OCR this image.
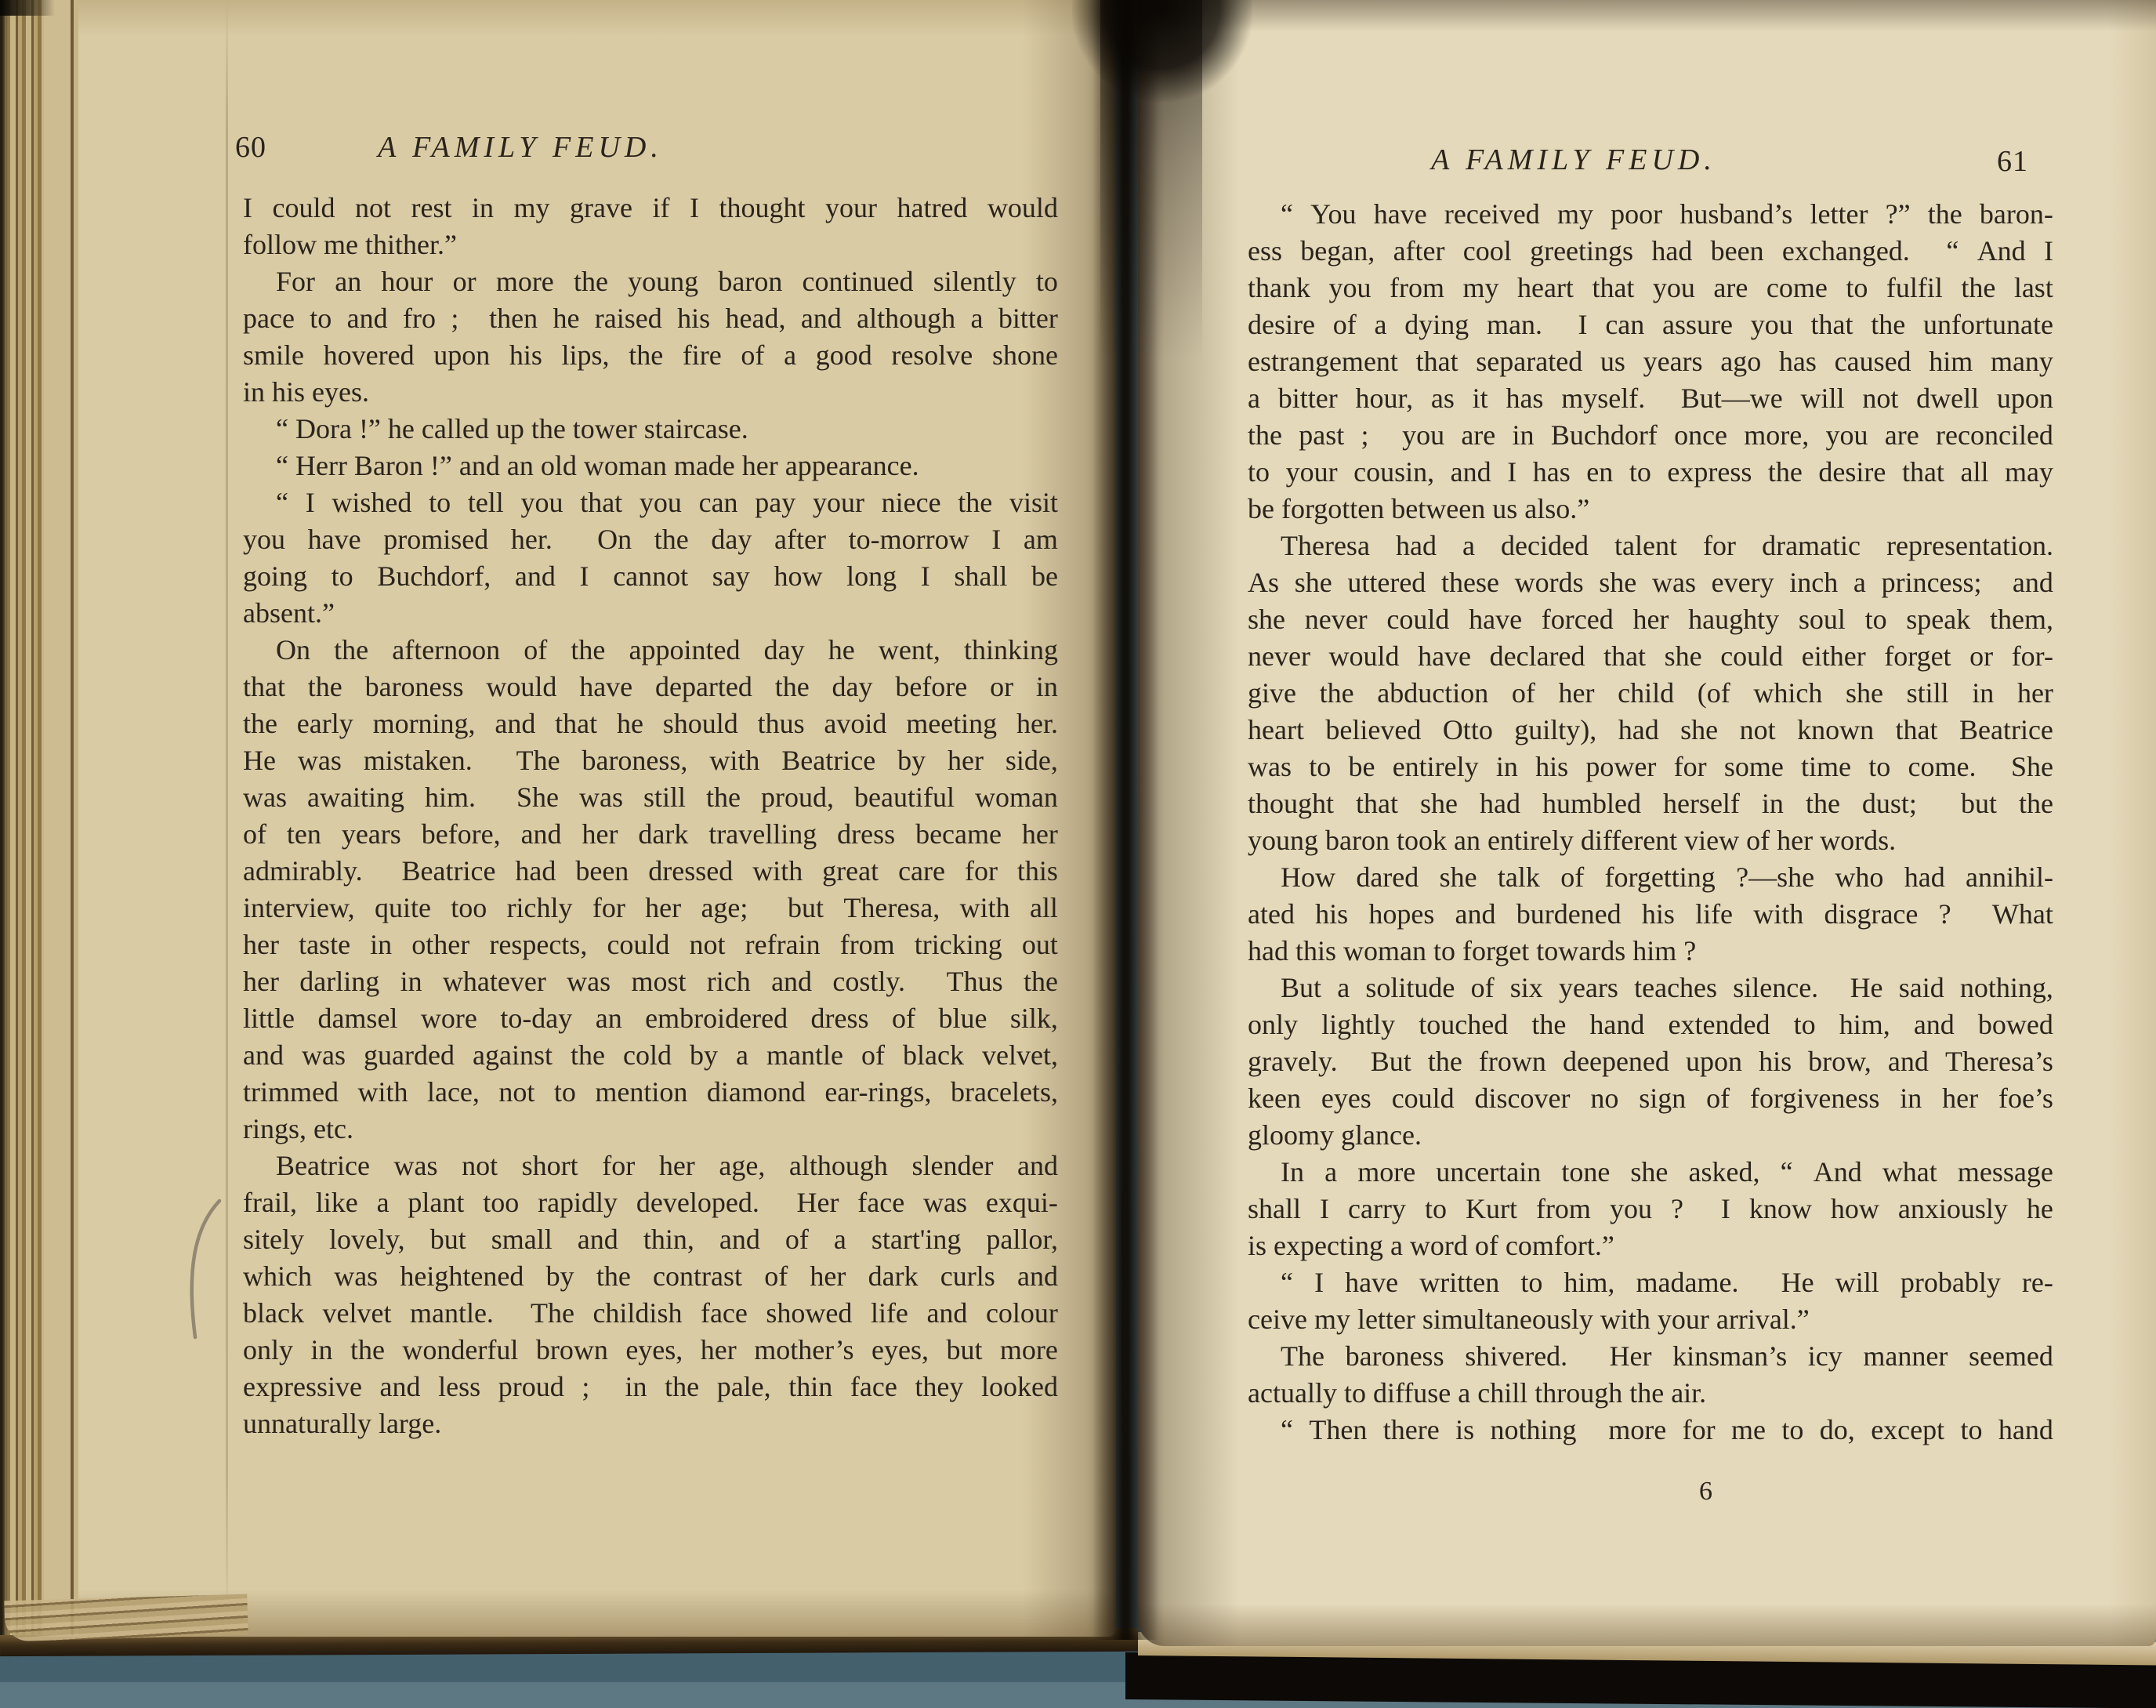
60	A FAMILY FEUD.
I could not rest in my grave if I thought your hatred would
follow me thither.”
For an hour or more the young baron continued silently to
pace to and fro ; then he raised his head, and although a bitter
smile hovered upon his lips, the fire of a good resolve shone
in his eyes.
“ Dora !” he called up the tower staircase.
“ Herr Baron !” and an old woman made her appearance.
“ I wished to tell you that you can pay your niece the visit
you have promised her. On the day after to-morrow I am
going to Buchdorf, and I cannot say how long I shall be
absent.”
On the afternoon of the appointed day he went, thinking
that the baroness would have departed the day before or in
the early morning, and that he should thus avoid meeting her.
He was mistaken. The baroness, with Beatrice by her side,
was awaiting him. She was still the proud, beautiful woman
of ten years before, and her dark travelling dress became her
admirably. Beatrice had been dressed with great care for this
interview, quite too richly for her age; but Theresa, with all
her taste in other respects, could not refrain from tricking out
her darling in whatever was most rich and costly. Thus the
little damsel wore to-day an embroidered dress of blue silk,
and was guarded against the cold by a mantle of black velvet,
trimmed with lace, not to mention diamond ear-rings, bracelets,
rings, etc.
Beatrice was not short for her age, although slender and
frail, like a plant too rapidly developed. Her face was exqui-
sitely lovely, but small and thin, and of a start'ing pallor,
which was heightened by the contrast of her dark curls and
black velvet mantle. The childish face showed life and colour
only in the wonderful brown eyes, her mother’s eyes, but more
expressive and less proud ; in the pale, thin face they looked
unnaturally large.
A FAMILY FEUD.	61
“ You have received my poor husband’s letter ?” the baron-
ess began, after cool greetings had been exchanged. “ And I
thank you from my heart that you are come to fulfil the last
desire of a dying man. I can assure you that the unfortunate
estrangement that separated us years ago has caused him many
a bitter hour, as it has myself. But—we will not dwell upon
the past ; you are in Buchdorf once more, you are reconciled
to your cousin, and I has en to express the desire that all may
be forgotten between us also.”
Theresa had a decided talent for dramatic representation.
As she uttered these words she was every inch a princess; and
she never could have forced her haughty soul to speak them,
never would have declared that she could either forget or for-
give the abduction of her child (of which she still in her
heart believed Otto guilty), had she not known that Beatrice
was to be entirely in his power for some time to come. She
thought that she had humbled herself in the dust; but the
young baron took an entirely different view of her words.
How dared she talk of forgetting ?—she who had annihil-
ated his hopes and burdened his life with disgrace ? What
had this woman to forget towards him ?
But a solitude of six years teaches silence. He said nothing,
only lightly touched the hand extended to him, and bowed
gravely. But the frown deepened upon his brow, and Theresa’s
keen eyes could discover no sign of forgiveness in her foe’s
gloomy glance.
In a more uncertain tone she asked, “ And what message
shall I carry to Kurt from you ? I know how anxiously he
is expecting a word of comfort.”
“ I have written to him, madame. He will probably re-
ceive my letter simultaneously with your arrival.”
The baroness shivered. Her kinsman’s icy manner seemed
actually to diffuse a chill through the air.
“ Then there is nothing more for me to do, except to hand
6
